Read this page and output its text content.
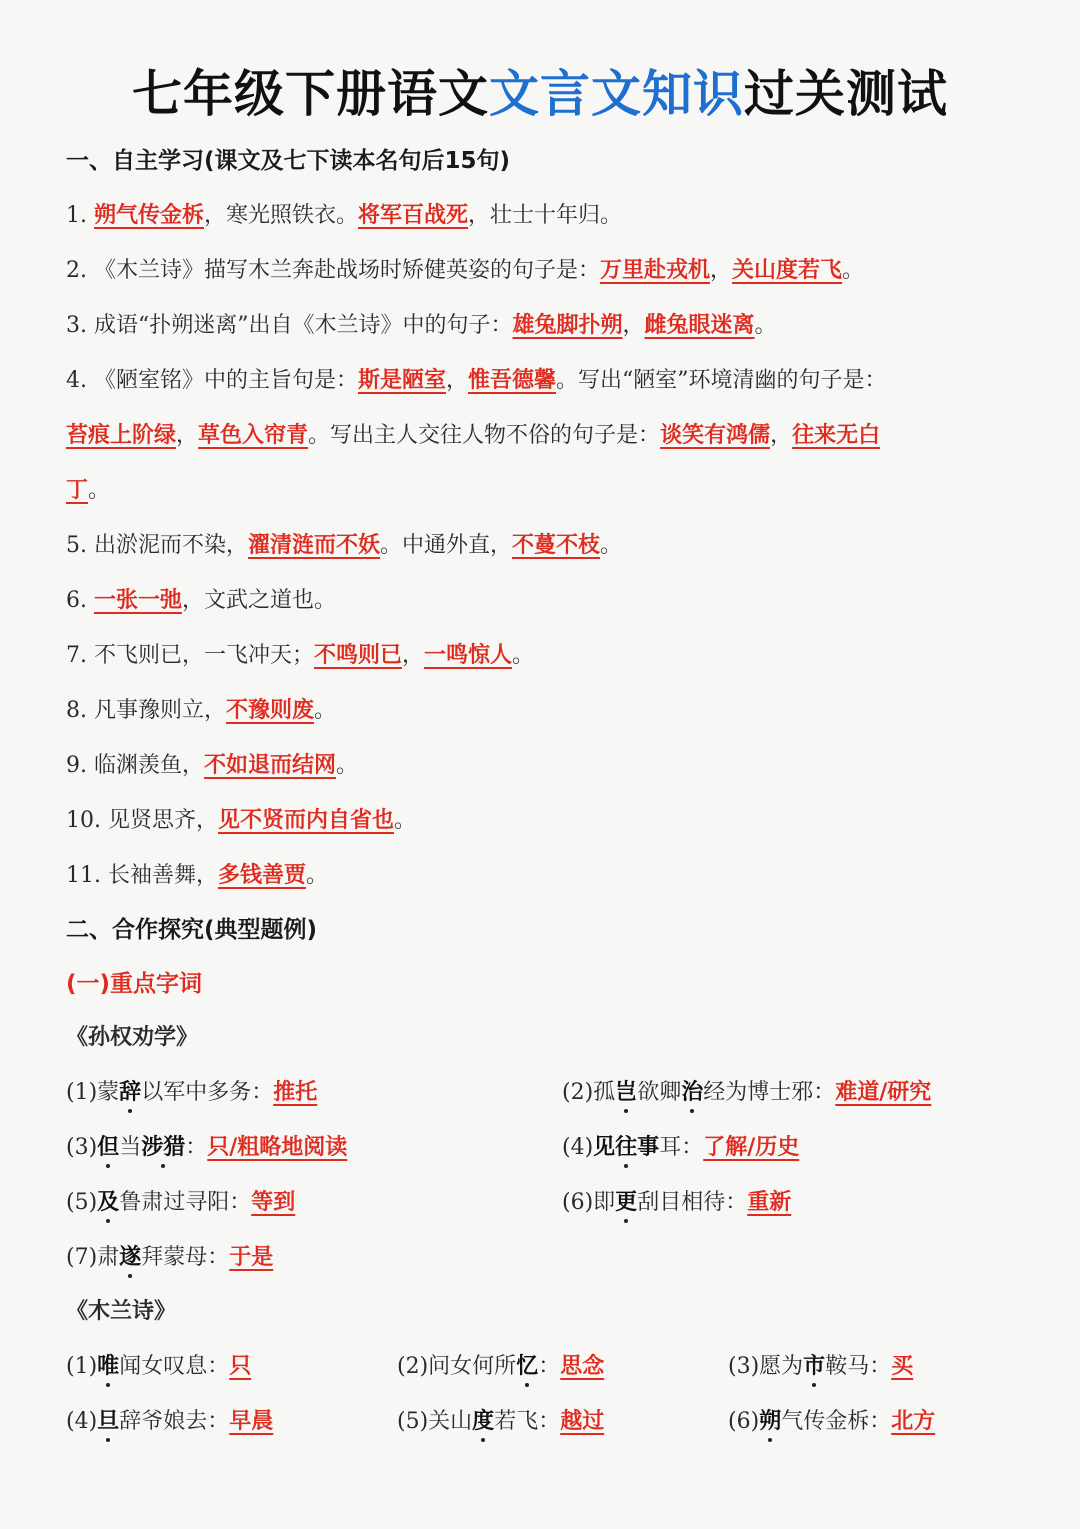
七年级下册语文文言文知识过关测试
一、自主学习(课文及七下读本名句后15句)
1. 朔气传金柝，寒光照铁衣。将军百战死，壮士十年归。
2. 《木兰诗》描写木兰奔赴战场时矫健英姿的句子是：万里赴戎机，关山度若飞。
3. 成语“扑朔迷离”出自《木兰诗》中的句子：雄兔脚扑朔，雌兔眼迷离。
4. 《陋室铭》中的主旨句是：斯是陋室，惟吾德馨。写出“陋室”环境清幽的句子是：
苔痕上阶绿，草色入帘青。写出主人交往人物不俗的句子是：谈笑有鸿儒，往来无白
丁。
5. 出淤泥而不染，濯清涟而不妖。中通外直，不蔓不枝。
6. 一张一弛，文武之道也。
7. 不飞则已，一飞冲天；不鸣则已，一鸣惊人。
8. 凡事豫则立，不豫则废。
9. 临渊羡鱼，不如退而结网。
10. 见贤思齐，见不贤而内自省也。
11. 长袖善舞，多钱善贾。
二、合作探究(典型题例)
(一)重点字词
《孙权劝学》
(1)蒙辞以军中多务：推托	(2)孤岂欲卿治经为博士邪：难道/研究
(3)但当涉猎：只/粗略地阅读	(4)见往事耳：了解/历史
(5)及鲁肃过寻阳：等到	(6)即更刮目相待：重新
(7)肃遂拜蒙母：于是
《木兰诗》
(1)唯闻女叹息：只	(2)问女何所忆：思念	(3)愿为市鞍马：买
(4)旦辞爷娘去：早晨	(5)关山度若飞：越过	(6)朔气传金柝：北方
